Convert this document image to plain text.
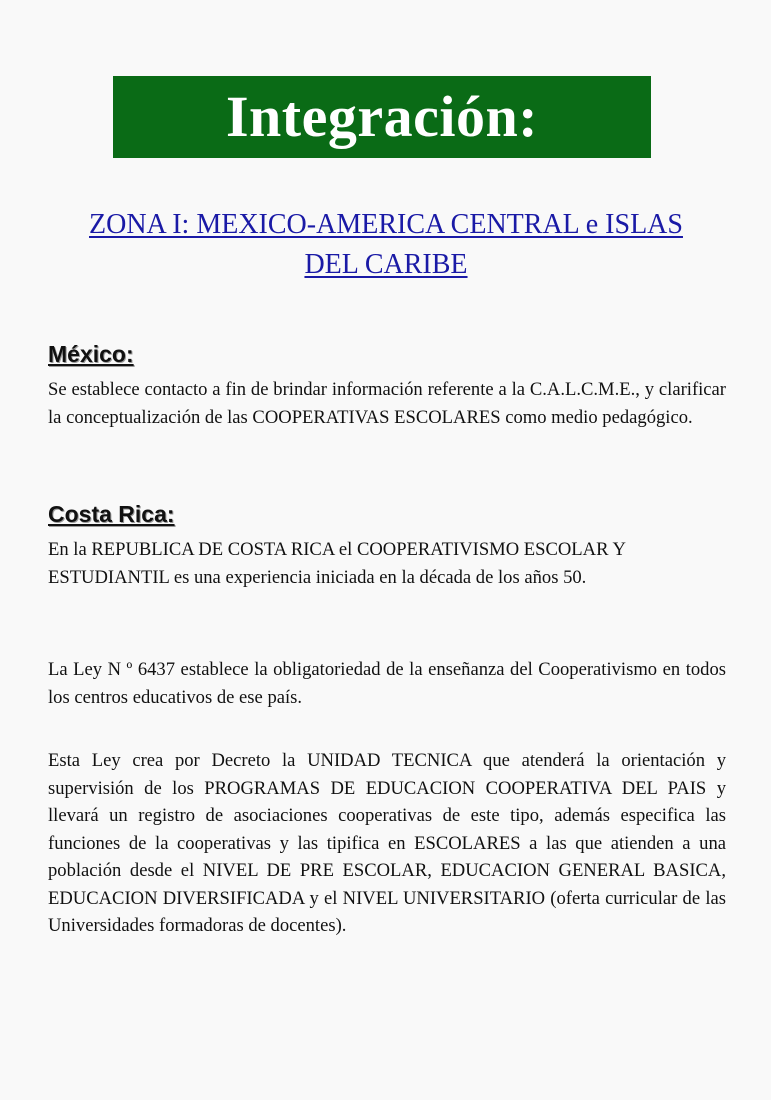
Integración:
ZONA I: MEXICO-AMERICA CENTRAL e ISLAS DEL CARIBE
México:
Se establece contacto a fin de brindar información referente a la C.A.L.C.M.E., y clarificar la conceptualización de las COOPERATIVAS ESCOLARES como medio pedagógico.
Costa Rica:
En la REPUBLICA DE COSTA RICA el COOPERATIVISMO ESCOLAR Y ESTUDIANTIL es una experiencia iniciada en la década de los años 50.
La Ley N º 6437 establece la obligatoriedad de la enseñanza del Cooperativismo en todos los centros educativos de ese país.
Esta Ley crea por Decreto la UNIDAD TECNICA que atenderá la orientación y supervisión de los PROGRAMAS DE EDUCACION COOPERATIVA DEL PAIS y llevará un registro de asociaciones cooperativas de este tipo, además especifica las funciones de la cooperativas y las tipifica en ESCOLARES a las que atienden a una población desde el NIVEL DE PRE ESCOLAR, EDUCACION GENERAL BASICA, EDUCACION DIVERSIFICADA y el NIVEL UNIVERSITARIO (oferta curricular de las Universidades formadoras de docentes).
